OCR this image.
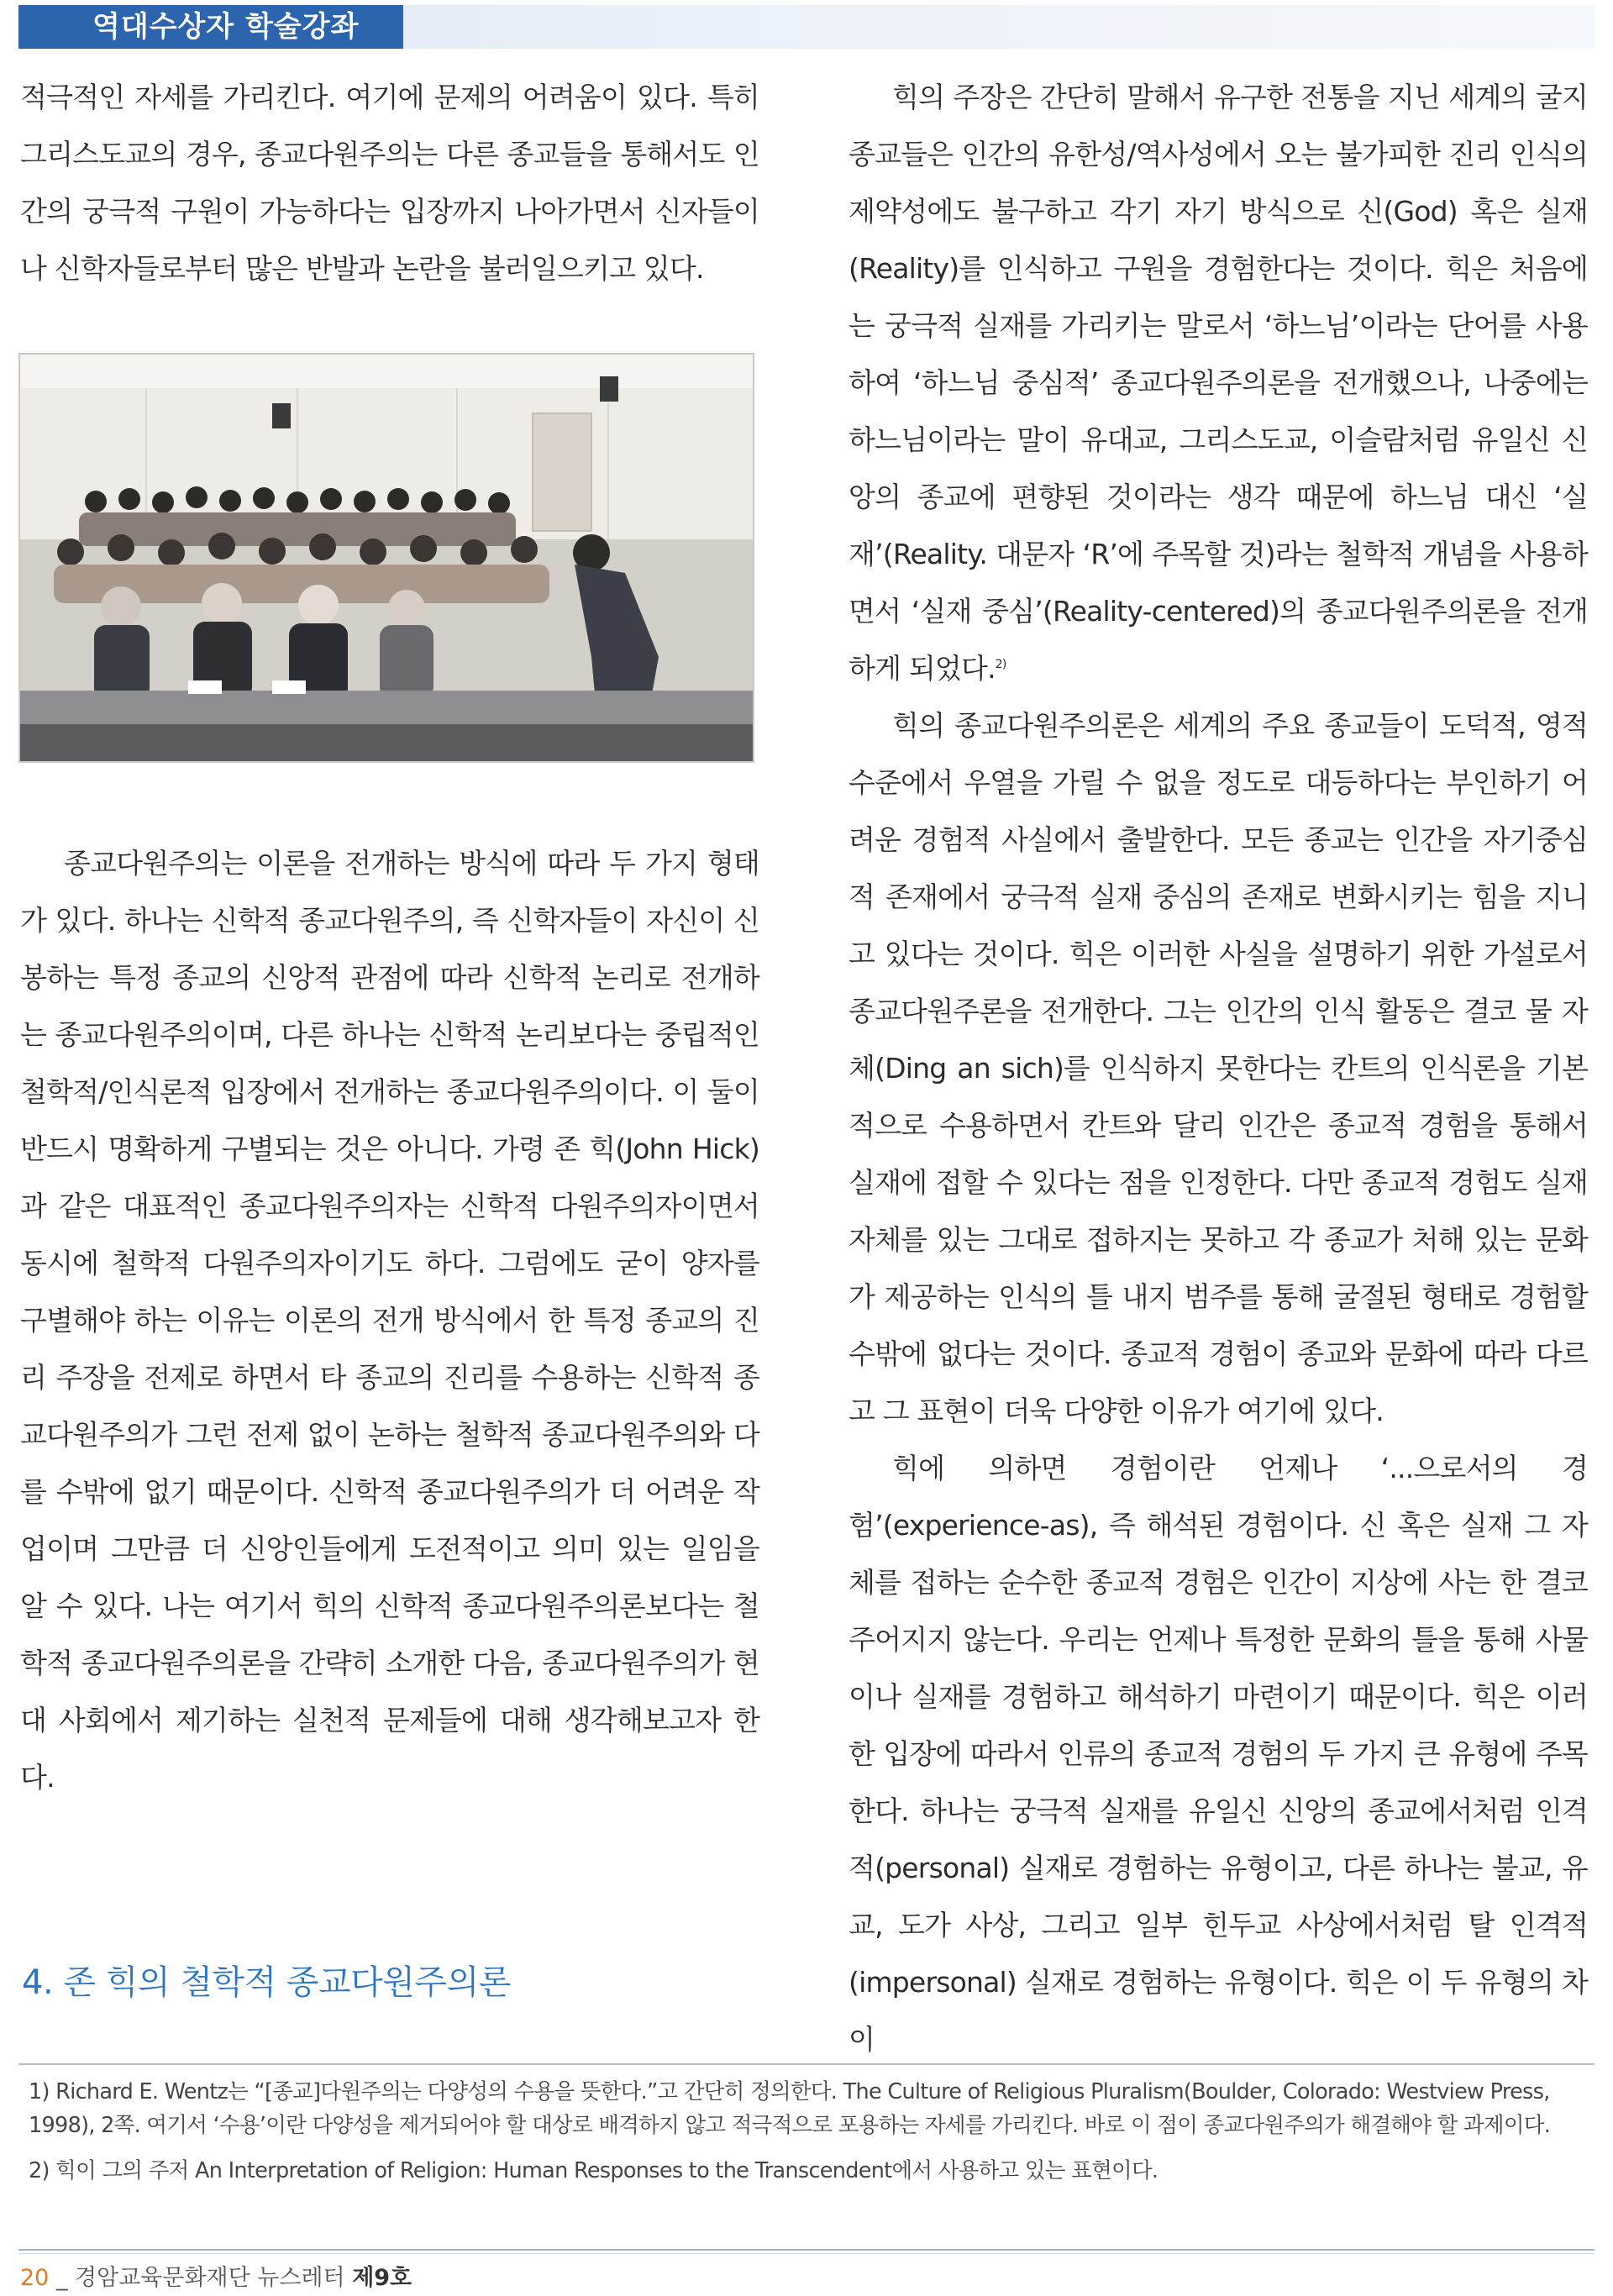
역대수상자 학술강좌

적극적인 자세를 가리킨다. 여기에 문제의 어려움이 있다. 특히 그리스도교의 경우, 종교다원주의는 다른 종교들을 통해서도 인간의 궁극적 구원이 가능하다는 입장까지 나아가면서 신자들이나 신학자들로부터 많은 반발과 논란을 불러일으키고 있다.

종교다원주의는 이론을 전개하는 방식에 따라 두 가지 형태가 있다. 하나는 신학적 종교다원주의, 즉 신학자들이 자신이 신봉하는 특정 종교의 신앙적 관점에 따라 신학적 논리로 전개하는 종교다원주의이며, 다른 하나는 신학적 논리보다는 중립적인 철학적/인식론적 입장에서 전개하는 종교다원주의이다. 이 둘이 반드시 명확하게 구별되는 것은 아니다. 가령 존 힉(John Hick)과 같은 대표적인 종교다원주의자는 신학적 다원주의자이면서 동시에 철학적 다원주의자이기도 하다. 그럼에도 굳이 양자를 구별해야 하는 이유는 이론의 전개 방식에서 한 특정 종교의 진리 주장을 전제로 하면서 타 종교의 진리를 수용하는 신학적 종교다원주의가 그런 전제 없이 논하는 철학적 종교다원주의와 다를 수밖에 없기 때문이다. 신학적 종교다원주의가 더 어려운 작업이며 그만큼 더 신앙인들에게 도전적이고 의미 있는 일임을 알 수 있다. 나는 여기서 힉의 신학적 종교다원주의론보다는 철학적 종교다원주의론을 간략히 소개한 다음, 종교다원주의가 현대 사회에서 제기하는 실천적 문제들에 대해 생각해보고자 한다.

4. 존 힉의 철학적 종교다원주의론

힉의 주장은 간단히 말해서 유구한 전통을 지닌 세계의 굴지 종교들은 인간의 유한성/역사성에서 오는 불가피한 진리 인식의 제약성에도 불구하고 각기 자기 방식으로 신(God) 혹은 실재(Reality)를 인식하고 구원을 경험한다는 것이다. 힉은 처음에는 궁극적 실재를 가리키는 말로서 ‘하느님’이라는 단어를 사용하여 ‘하느님 중심적’ 종교다원주의론을 전개했으나, 나중에는 하느님이라는 말이 유대교, 그리스도교, 이슬람처럼 유일신 신앙의 종교에 편향된 것이라는 생각 때문에 하느님 대신 ‘실재’(Reality. 대문자 ‘R’에 주목할 것)라는 철학적 개념을 사용하면서 ‘실재 중심’(Reality-centered)의 종교다원주의론을 전개하게 되었다.$^{2)}$

힉의 종교다원주의론은 세계의 주요 종교들이 도덕적, 영적 수준에서 우열을 가릴 수 없을 정도로 대등하다는 부인하기 어려운 경험적 사실에서 출발한다. 모든 종교는 인간을 자기중심적 존재에서 궁극적 실재 중심의 존재로 변화시키는 힘을 지니고 있다는 것이다. 힉은 이러한 사실을 설명하기 위한 가설로서 종교다원주론을 전개한다. 그는 인간의 인식 활동은 결코 물 자체(Ding an sich)를 인식하지 못한다는 칸트의 인식론을 기본적으로 수용하면서 칸트와 달리 인간은 종교적 경험을 통해서 실재에 접할 수 있다는 점을 인정한다. 다만 종교적 경험도 실재 자체를 있는 그대로 접하지는 못하고 각 종교가 처해 있는 문화가 제공하는 인식의 틀 내지 범주를 통해 굴절된 형태로 경험할 수밖에 없다는 것이다. 종교적 경험이 종교와 문화에 따라 다르고 그 표현이 더욱 다양한 이유가 여기에 있다.

힉에 의하면 경험이란 언제나 ‘...으로서의 경험’(experience-as), 즉 해석된 경험이다. 신 혹은 실재 그 자체를 접하는 순수한 종교적 경험은 인간이 지상에 사는 한 결코 주어지지 않는다. 우리는 언제나 특정한 문화의 틀을 통해 사물이나 실재를 경험하고 해석하기 마련이기 때문이다. 힉은 이러한 입장에 따라서 인류의 종교적 경험의 두 가지 큰 유형에 주목한다. 하나는 궁극적 실재를 유일신 신앙의 종교에서처럼 인격적(personal) 실재로 경험하는 유형이고, 다른 하나는 불교, 유교, 도가 사상, 그리고 일부 힌두교 사상에서처럼 탈 인격적(impersonal) 실재로 경험하는 유형이다. 힉은 이 두 유형의 차이

1) Richard E. Wentz는 “[종교]다원주의는 다양성의 수용을 뜻한다.”고 간단히 정의한다. The Culture of Religious Pluralism(Boulder, Colorado: Westview Press, 1998), 2쪽. 여기서 ‘수용’이란 다양성을 제거되어야 할 대상로 배격하지 않고 적극적으로 포용하는 자세를 가리킨다. 바로 이 점이 종교다원주의가 해결해야 할 과제이다.

2) 힉이 그의 주저 An Interpretation of Religion: Human Responses to the Transcendent에서 사용하고 있는 표현이다.

20 _ 경암교육문화재단 뉴스레터 제9호
